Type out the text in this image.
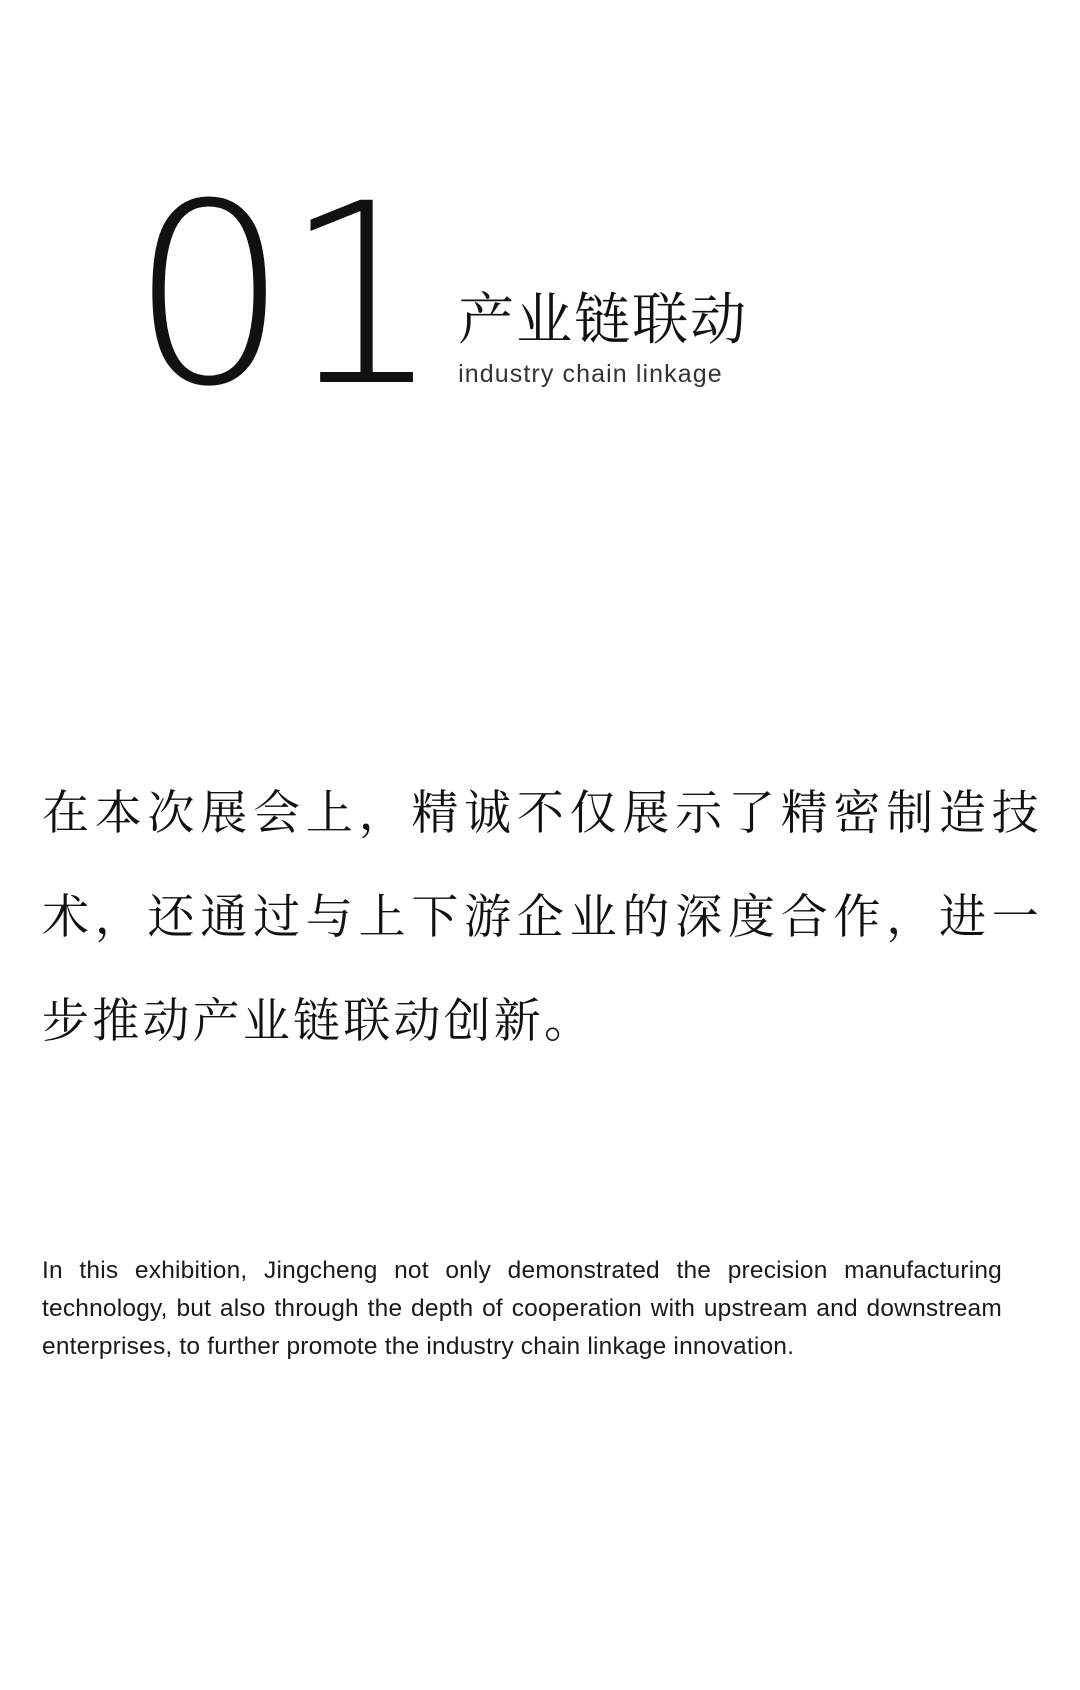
01 产业链联动
industry chain linkage
在本次展会上，精诚不仅展示了精密制造技术，还通过与上下游企业的深度合作，进一步推动产业链联动创新。
In this exhibition, Jingcheng not only demonstrated the precision manufacturing technology, but also through the depth of cooperation with upstream and downstream enterprises, to further promote the industry chain linkage innovation.
